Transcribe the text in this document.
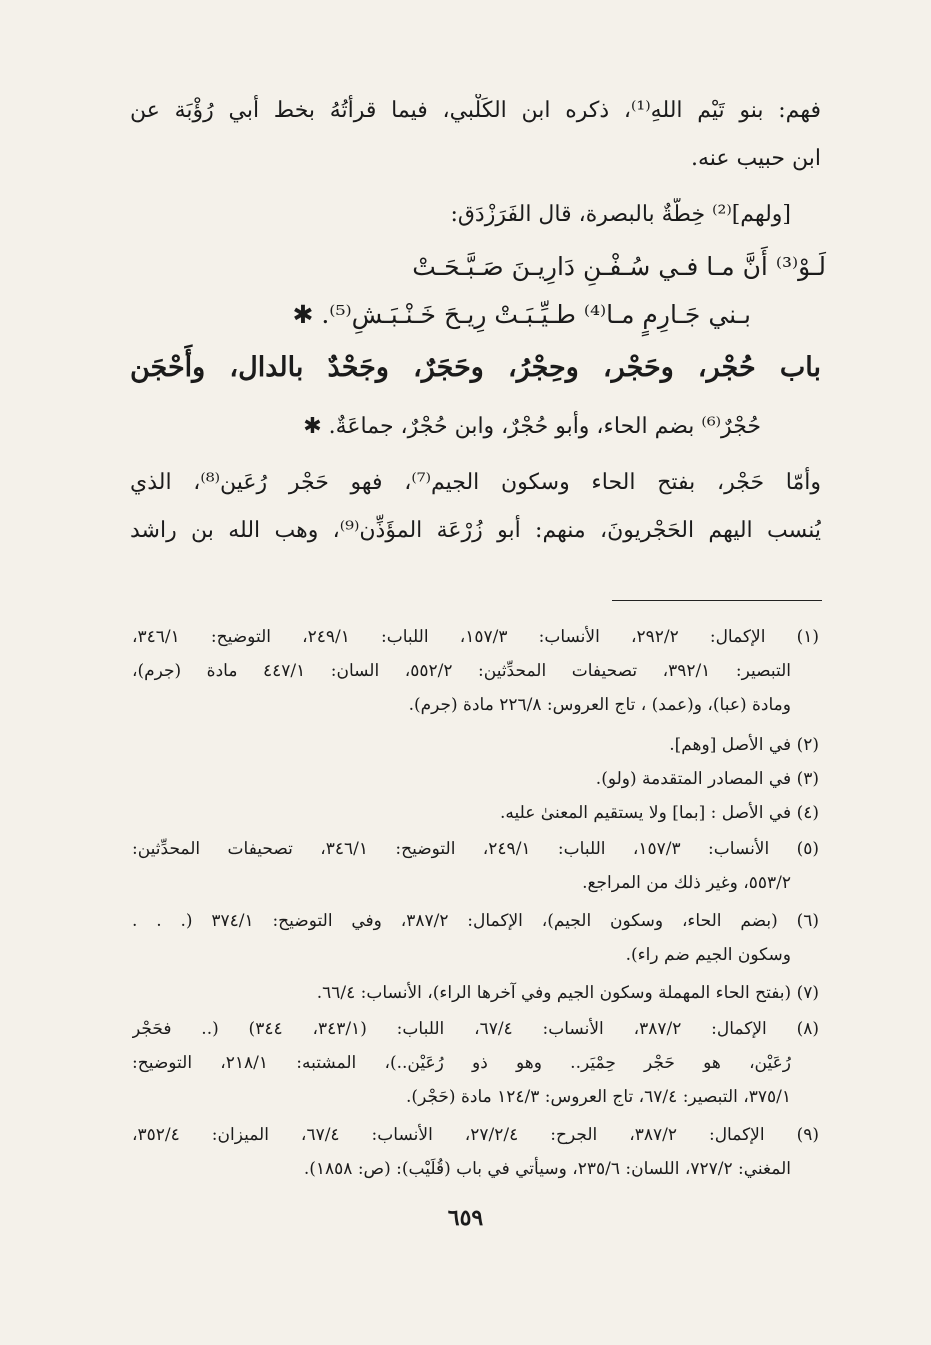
فهم: بنو تَيْم اللهِ⁽¹⁾، ذكره ابن الكَلْبي، فيما قرأتُهُ بخط أبي رُؤْبَة عن
ابن حبيب عنه.
[ولهم]⁽²⁾ خِطَّةٌ بالبصرة، قال الفَرَزْدَق:
لَـوْ⁽³⁾ أَنَّ مـا فـي سُـفْـنِ دَارِيـنَ صَـبَّـحَـتْ
بـني جَـارِمٍ مـا⁽⁴⁾ طـيِّـبَـتْ رِيـحَ خَـنْـبَـشِ⁽⁵⁾. ✱
باب حُجْر، وحَجْر، وحِجْرُ، وحَجَرٌ، وجَحْدٌ بالدال، وأَحْجَن
حُجْرٌ⁽⁶⁾ بضم الحاء، وأبو حُجْرٌ، وابن حُجْرٌ، جماعَةٌ. ✱
وأمّا حَجْر، بفتح الحاء وسكون الجيم⁽⁷⁾، فهو حَجْر رُعَين⁽⁸⁾، الذي
يُنسب اليهم الحَجْريونَ، منهم: أبو زُرْعَة المؤَذِّن⁽⁹⁾، وهب الله بن راشد
(١) الإكمال: ٢٩٢/٢، الأنساب: ١٥٧/٣، اللباب: ٢٤٩/١، التوضيح: ٣٤٦/١،
التبصير: ٣٩٢/١، تصحيفات المحدِّثين: ٥٥٢/٢، السان: ٤٤٧/١ مادة (جرم)،
ومادة (عبا)، و(عمد) ، تاج العروس: ٢٢٦/٨ مادة (جرم).
(٢) في الأصل [وهم].
(٣) في المصادر المتقدمة (ولو).
(٤) في الأصل : [بما] ولا يستقيم المعنىٰ عليه.
(٥) الأنساب: ١٥٧/٣، اللباب: ٢٤٩/١، التوضيح: ٣٤٦/١، تصحيفات المحدِّثين:
٥٥٣/٢، وغير ذلك من المراجع.
(٦) (بضم الحاء، وسكون الجيم)، الإكمال: ٣٨٧/٢، وفي التوضيح: ٣٧٤/١ (. . .
وسكون الجيم ضم راء).
(٧) (بفتح الحاء المهملة وسكون الجيم وفي آخرها الراء)، الأنساب: ٦٦/٤.
(٨) الإكمال: ٣٨٧/٢، الأنساب: ٦٧/٤، اللباب: (٣٤٣/١، ٣٤٤) (.. فحَجْر
رُعَيْن، هو حَجْر حِمْيَر.. وهو ذو رُعَيْن..)، المشتبه: ٢١٨/١، التوضيح:
٣٧٥/١، التبصير: ٦٧/٤، تاج العروس: ١٢٤/٣ مادة (حَجْر).
(٩) الإكمال: ٣٨٧/٢، الجرح: ٢٧/٢/٤، الأنساب: ٦٧/٤، الميزان: ٣٥٢/٤،
المغني: ٧٢٧/٢، اللسان: ٢٣٥/٦، وسيأتي في باب (قُلَيْب): (ص: ١٨٥٨).
٦٥٩
